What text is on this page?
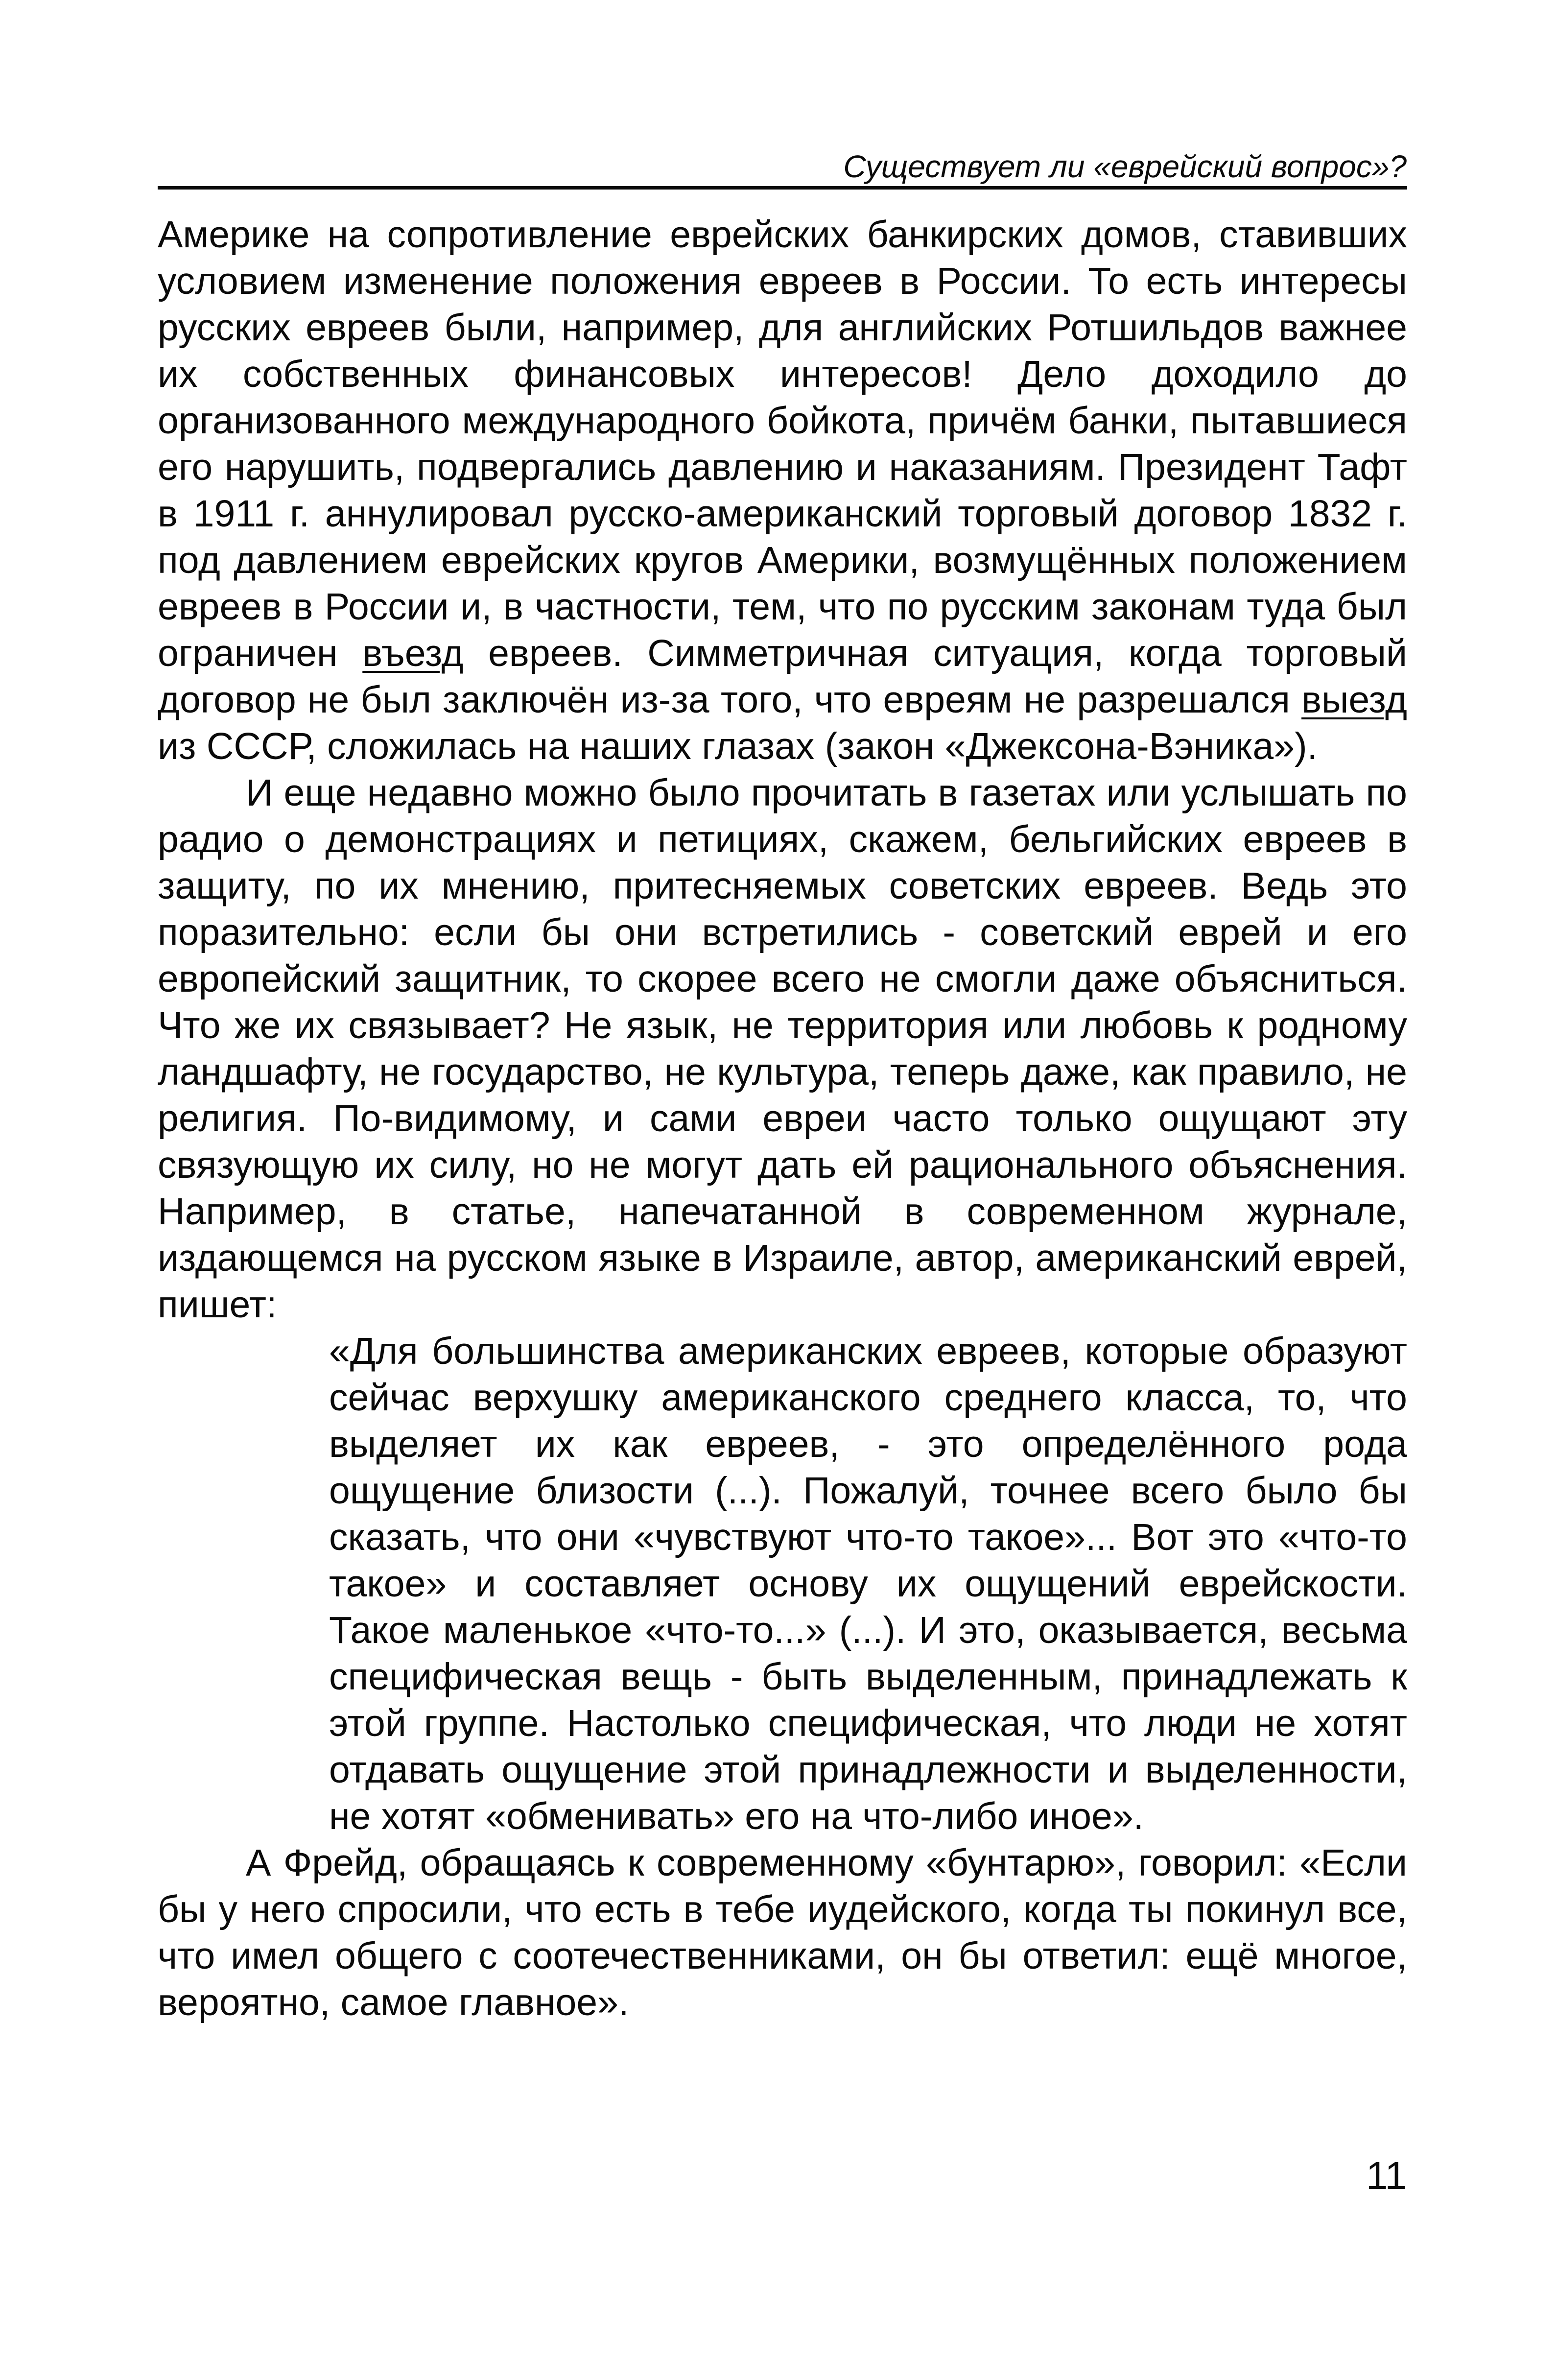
Существует ли «еврейский вопрос»?

Америке на сопротивление еврейских банкирских домов, ставивших условием изменение положения евреев в России. То есть интересы русских евреев были, например, для английских Ротшильдов важнее их собственных финансовых интересов! Дело доходило до организованного международного бойкота, причём банки, пытавшиеся его нарушить, подвергались давлению и наказаниям. Президент Тафт в 1911 г. аннулировал русско-американский торговый договор 1832 г. под давлением еврейских кругов Америки, возмущённых положением евреев в России и, в частности, тем, что по русским законам туда был ограничен въезд евреев. Симметричная ситуация, когда торговый договор не был заключён из-за того, что евреям не разрешался выезд из СССР, сложилась на наших глазах (закон «Джексона-Вэника»).

И еще недавно можно было прочитать в газетах или услышать по радио о демонстрациях и петициях, скажем, бельгийских евреев в защиту, по их мнению, притесняемых советских евреев. Ведь это поразительно: если бы они встретились - советский еврей и его европейский защитник, то скорее всего не смогли даже объясниться. Что же их связывает? Не язык, не территория или любовь к родному ландшафту, не государство, не культура, теперь даже, как правило, не религия. По-видимому, и сами евреи часто только ощущают эту связующую их силу, но не могут дать ей рационального объяснения. Например, в статье, напечатанной в современном журнале, издающемся на русском языке в Израиле, автор, американский еврей, пишет:

«Для большинства американских евреев, которые образуют сейчас верхушку американского среднего класса, то, что выделяет их как евреев, - это определённого рода ощущение близости (...). Пожалуй, точнее всего было бы сказать, что они «чувствуют что-то такое»... Вот это «что-то такое» и составляет основу их ощущений еврейскости. Такое маленькое «что-то...» (...). И это, оказывается, весьма специфическая вещь - быть выделенным, принадлежать к этой группе. Настолько специфическая, что люди не хотят отдавать ощущение этой принадлежности и выделенности, не хотят «обменивать» его на что-либо иное».

А Фрейд, обращаясь к современному «бунтарю», говорил: «Если бы у него спросили, что есть в тебе иудейского, когда ты покинул все, что имел общего с соотечественниками, он бы ответил: ещё многое, вероятно, самое главное».

11
